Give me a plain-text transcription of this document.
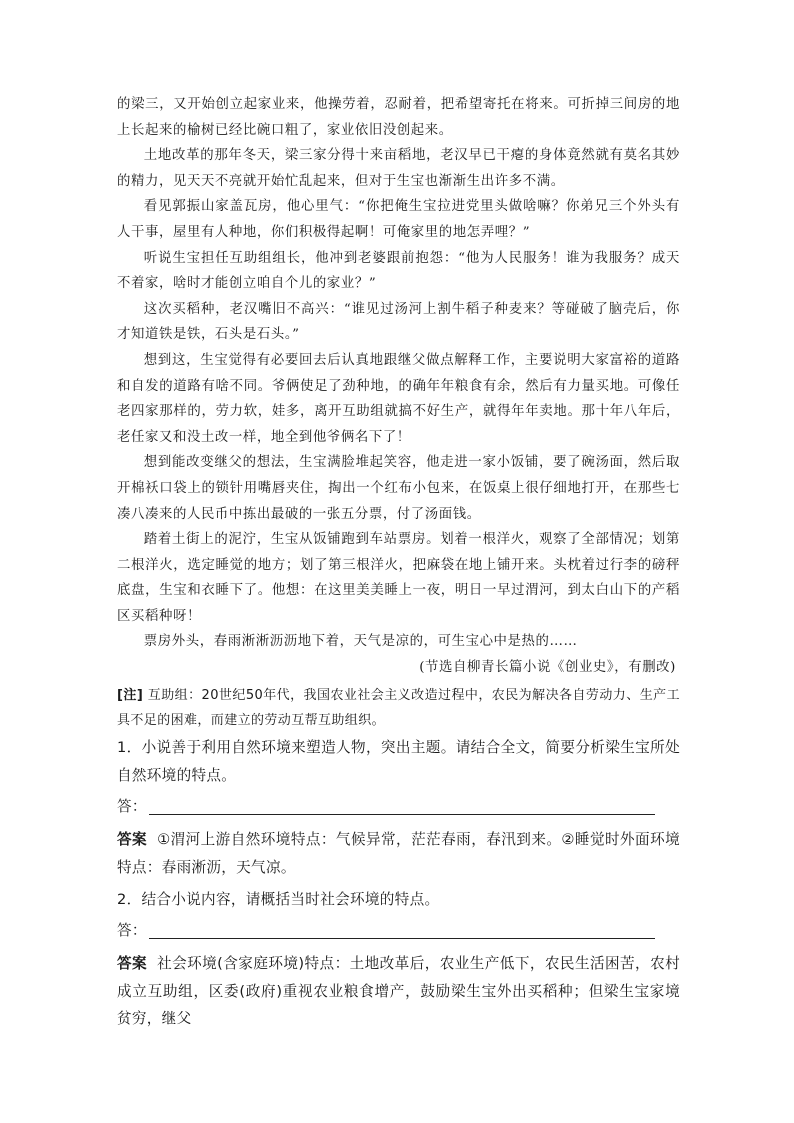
的梁三，又开始创立起家业来，他操劳着，忍耐着，把希望寄托在将来。可折掉三间房的地上长起来的榆树已经比碗口粗了，家业依旧没创起来。

土地改革的那年冬天，梁三家分得十来亩稻地，老汉早已干瘪的身体竟然就有莫名其妙的精力，见天天不亮就开始忙乱起来，但对于生宝也渐渐生出许多不满。

看见郭振山家盖瓦房，他心里气：“你把俺生宝拉进党里头做啥嘛？你弟兄三个外头有人干事，屋里有人种地，你们积极得起啊！可俺家里的地怎弄哩？”

听说生宝担任互助组组长，他冲到老婆跟前抱怨：“他为人民服务！谁为我服务？成天不着家，啥时才能创立咱自个儿的家业？”

这次买稻种，老汉嘴旧不高兴：“谁见过汤河上割牛稻子种麦来？等碰破了脑壳后，你才知道铁是铁，石头是石头。”

想到这，生宝觉得有必要回去后认真地跟继父做点解释工作，主要说明大家富裕的道路和自发的道路有啥不同。爷俩使足了劲种地，的确年年粮食有余，然后有力量买地。可像任老四家那样的，劳力软，娃多，离开互助组就搞不好生产，就得年年卖地。那十年八年后，老任家又和没土改一样，地全到他爷俩名下了！

想到能改变继父的想法，生宝满脸堆起笑容，他走进一家小饭铺，要了碗汤面，然后取开棉袄口袋上的锁针用嘴唇夹住，掏出一个红布小包来，在饭桌上很仔细地打开，在那些七凑八凑来的人民币中拣出最破的一张五分票，付了汤面钱。

踏着土街上的泥泞，生宝从饭铺跑到车站票房。划着一根洋火，观察了全部情况；划第二根洋火，选定睡觉的地方；划了第三根洋火，把麻袋在地上铺开来。头枕着过行李的磅秤底盘，生宝和衣睡下了。他想：在这里美美睡上一夜，明日一早过渭河，到太白山下的产稻区买稻种呀！

票房外头，春雨淅淅沥沥地下着，天气是凉的，可生宝心中是热的……

(节选自柳青长篇小说《创业史》，有删改)

[注] 互助组：20世纪50年代，我国农业社会主义改造过程中，农民为解决各自劳动力、生产工具不足的困难，而建立的劳动互帮互助组织。

1．小说善于利用自然环境来塑造人物，突出主题。请结合全文，简要分析梁生宝所处自然环境的特点。

答：

答案 ①渭河上游自然环境特点：气候异常，茫茫春雨，春汛到来。②睡觉时外面环境特点：春雨淅沥，天气凉。

2．结合小说内容，请概括当时社会环境的特点。

答：

答案 社会环境(含家庭环境)特点：土地改革后，农业生产低下，农民生活困苦，农村成立互助组，区委(政府)重视农业粮食增产，鼓励梁生宝外出买稻种；但梁生宝家境贫穷，继父
